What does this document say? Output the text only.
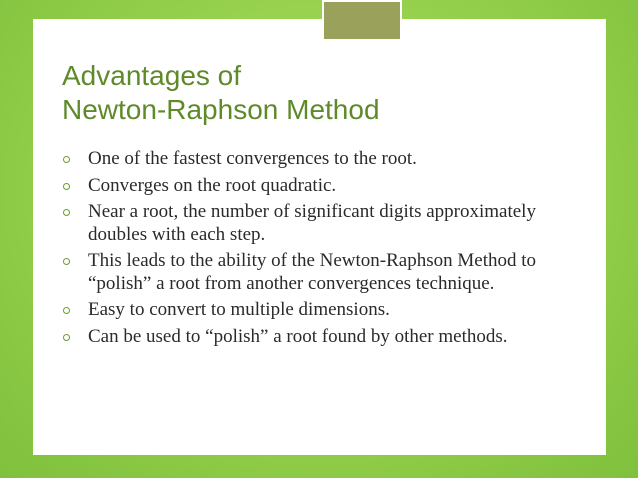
Advantages of
Newton-Raphson Method
One of the fastest convergences to the root.
Converges on the root quadratic.
Near a root, the number of significant digits approximately doubles with each step.
This leads to the ability of the Newton-Raphson Method to “polish” a root from another convergences technique.
Easy to convert to multiple dimensions.
Can be used to “polish” a root found by other methods.
